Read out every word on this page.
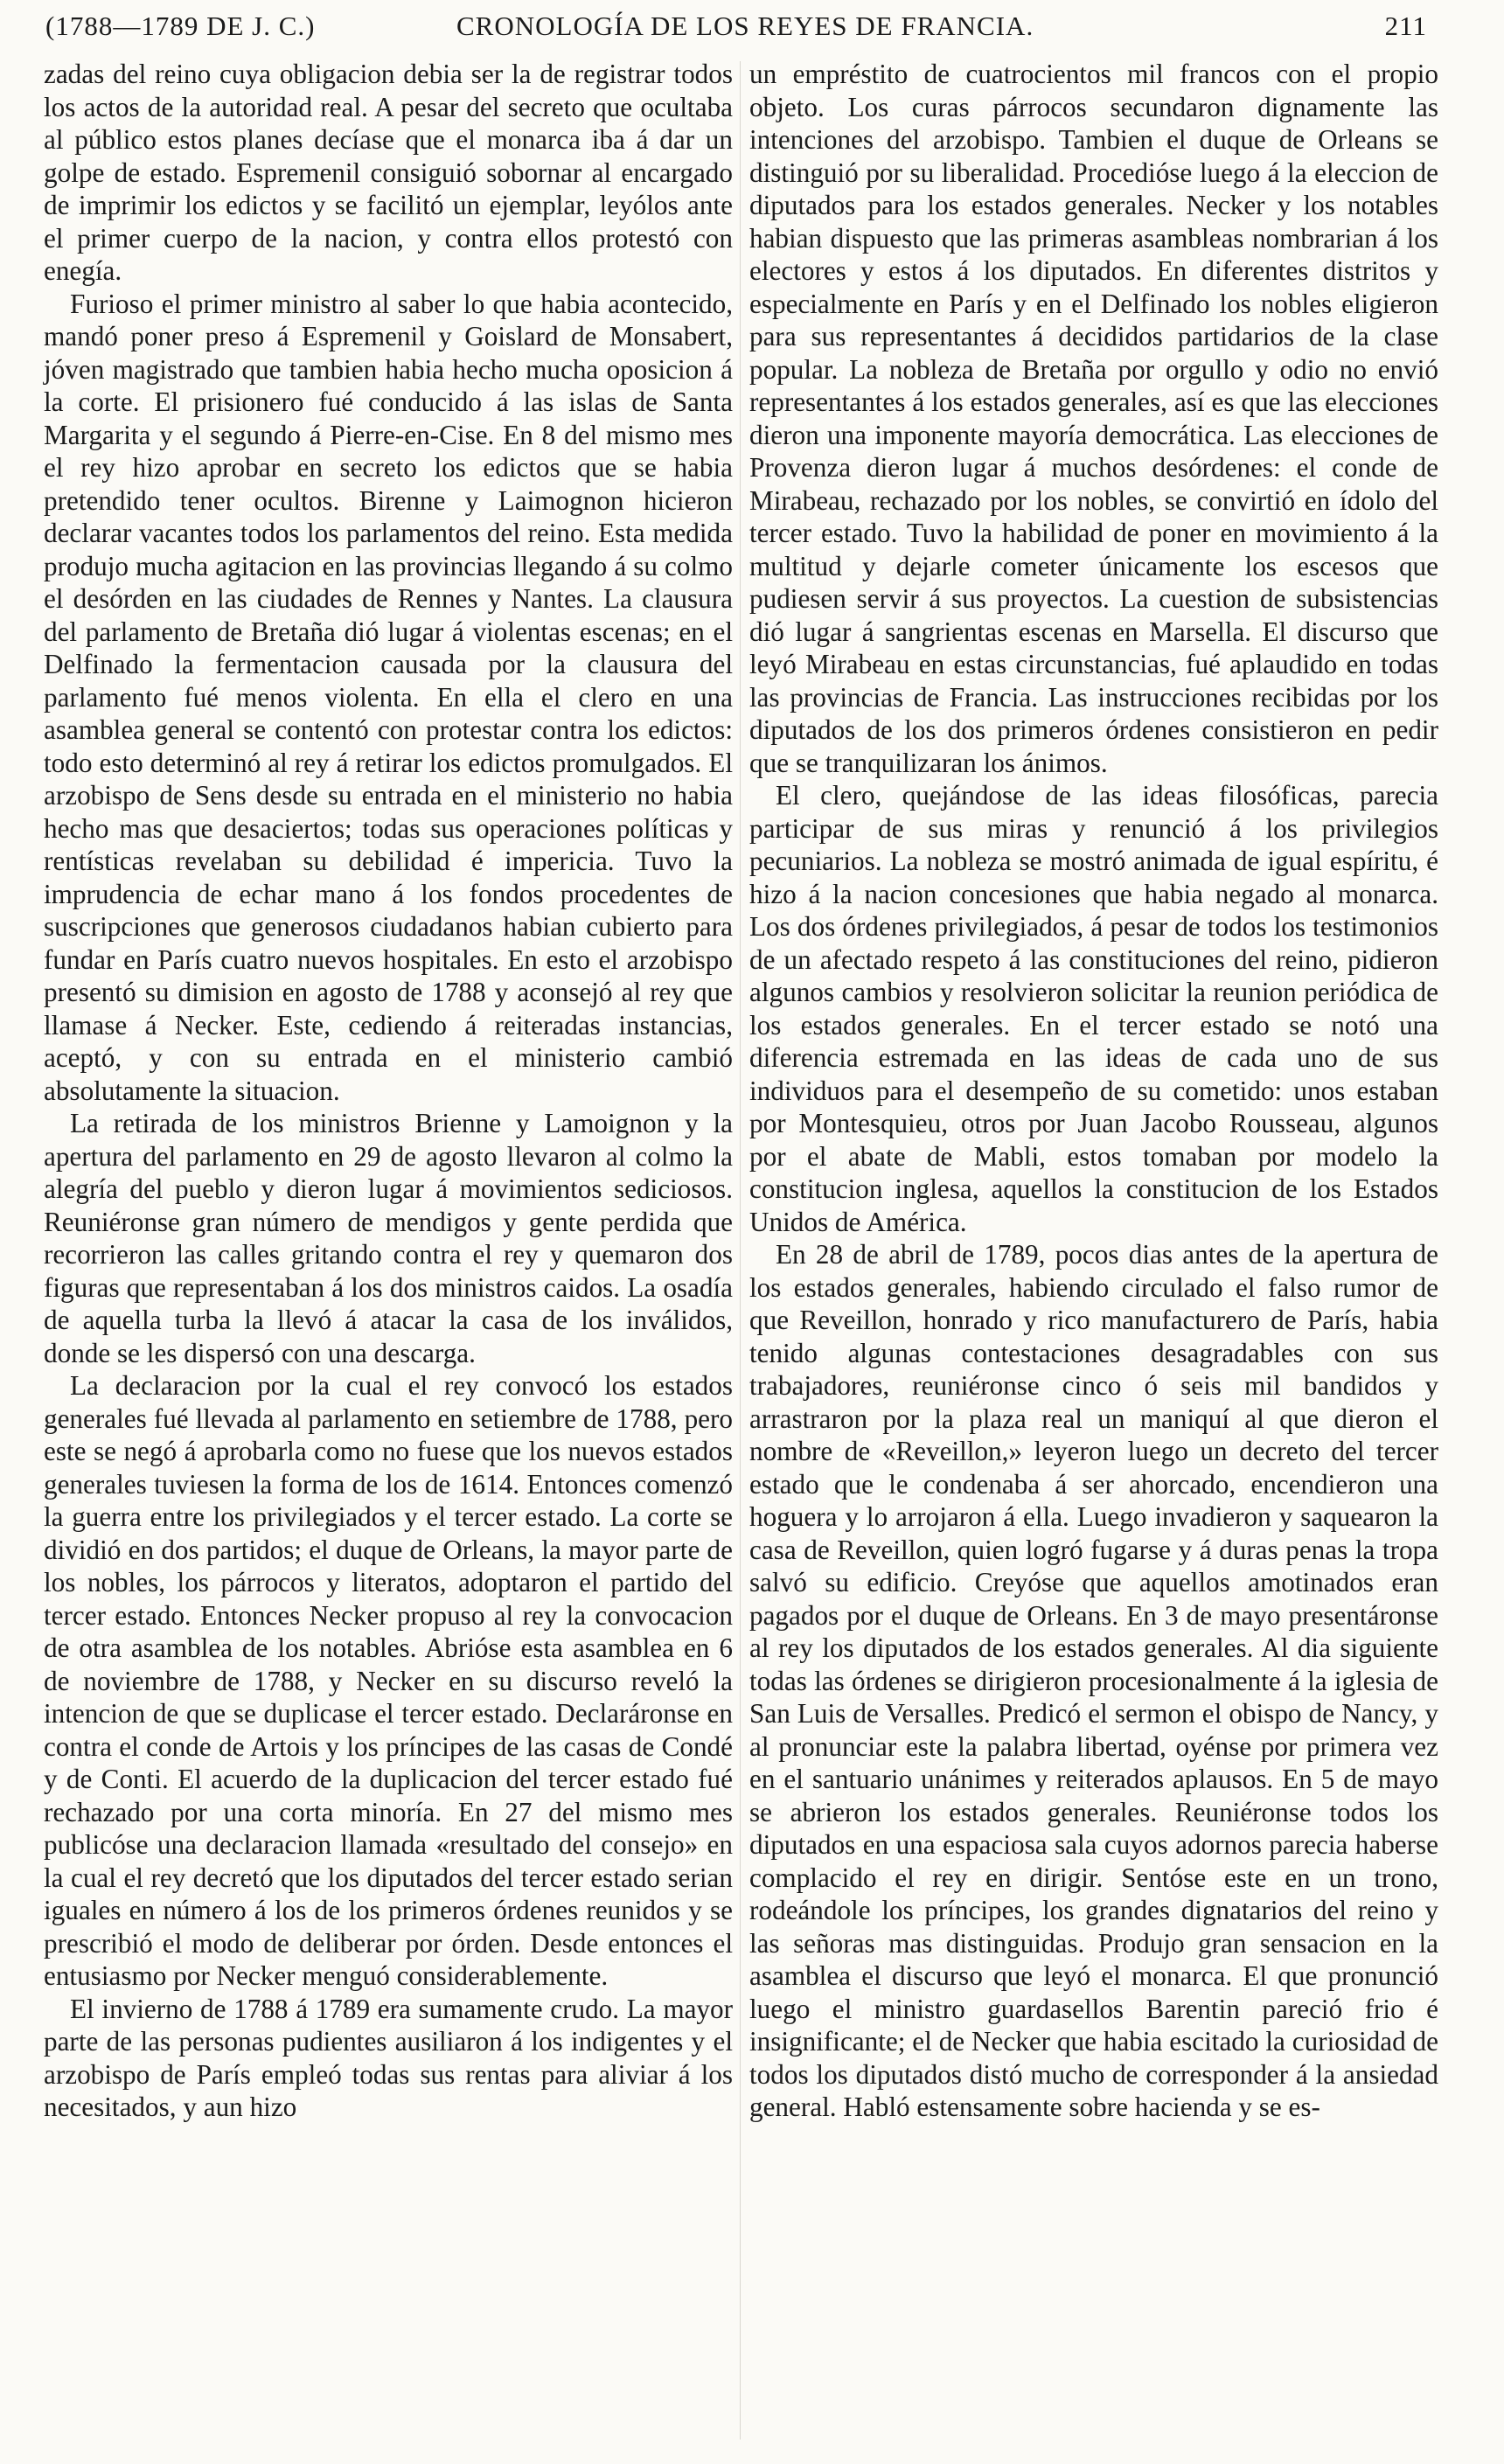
(1788—1789 DE J. C.)	CRONOLOGÍA DE LOS REYES DE FRANCIA.	211

zadas del reino cuya obligacion debia ser la de registrar todos los actos de la autoridad real. A pesar del secreto que ocultaba al público estos planes decíase que el monarca iba á dar un golpe de estado. Espremenil consiguió sobornar al encargado de imprimir los edictos y se facilitó un ejemplar, leyólos ante el primer cuerpo de la nacion, y contra ellos protestó con enegía.

Furioso el primer ministro al saber lo que habia acontecido, mandó poner preso á Espremenil y Goislard de Monsabert, jóven magistrado que tambien habia hecho mucha oposicion á la corte. El prisionero fué conducido á las islas de Santa Margarita y el segundo á Pierre-en-Cise. En 8 del mismo mes el rey hizo aprobar en secreto los edictos que se habia pretendido tener ocultos. Birenne y Laimognon hicieron declarar vacantes todos los parlamentos del reino. Esta medida produjo mucha agitacion en las provincias llegando á su colmo el desórden en las ciudades de Rennes y Nantes. La clausura del parlamento de Bretaña dió lugar á violentas escenas; en el Delfinado la fermentacion causada por la clausura del parlamento fué menos violenta. En ella el clero en una asamblea general se contentó con protestar contra los edictos: todo esto determinó al rey á retirar los edictos promulgados. El arzobispo de Sens desde su entrada en el ministerio no habia hecho mas que desaciertos; todas sus operaciones políticas y rentísticas revelaban su debilidad é impericia. Tuvo la imprudencia de echar mano á los fondos procedentes de suscripciones que generosos ciudadanos habian cubierto para fundar en París cuatro nuevos hospitales. En esto el arzobispo presentó su dimision en agosto de 1788 y aconsejó al rey que llamase á Necker. Este, cediendo á reiteradas instancias, aceptó, y con su entrada en el ministerio cambió absolutamente la situacion.

La retirada de los ministros Brienne y Lamoignon y la apertura del parlamento en 29 de agosto llevaron al colmo la alegría del pueblo y dieron lugar á movimientos sediciosos. Reuniéronse gran número de mendigos y gente perdida que recorrieron las calles gritando contra el rey y quemaron dos figuras que representaban á los dos ministros caidos. La osadía de aquella turba la llevó á atacar la casa de los inválidos, donde se les dispersó con una descarga.

La declaracion por la cual el rey convocó los estados generales fué llevada al parlamento en setiembre de 1788, pero este se negó á aprobarla como no fuese que los nuevos estados generales tuviesen la forma de los de 1614. Entonces comenzó la guerra entre los privilegiados y el tercer estado. La corte se dividió en dos partidos; el duque de Orleans, la mayor parte de los nobles, los párrocos y literatos, adoptaron el partido del tercer estado. Entonces Necker propuso al rey la convocacion de otra asamblea de los notables. Abrióse esta asamblea en 6 de noviembre de 1788, y Necker en su discurso reveló la intencion de que se duplicase el tercer estado. Declaráronse en contra el conde de Artois y los príncipes de las casas de Condé y de Conti. El acuerdo de la duplicacion del tercer estado fué rechazado por una corta minoría. En 27 del mismo mes publicóse una declaracion llamada «resultado del consejo» en la cual el rey decretó que los diputados del tercer estado serian iguales en número á los de los primeros órdenes reunidos y se prescribió el modo de deliberar por órden. Desde entonces el entusiasmo por Necker menguó considerablemente.

El invierno de 1788 á 1789 era sumamente crudo. La mayor parte de las personas pudientes ausiliaron á los indigentes y el arzobispo de París empleó todas sus rentas para aliviar á los necesitados, y aun hizo

un empréstito de cuatrocientos mil francos con el propio objeto. Los curas párrocos secundaron dignamente las intenciones del arzobispo. Tambien el duque de Orleans se distinguió por su liberalidad. Procedióse luego á la eleccion de diputados para los estados generales. Necker y los notables habian dispuesto que las primeras asambleas nombrarian á los electores y estos á los diputados. En diferentes distritos y especialmente en París y en el Delfinado los nobles eligieron para sus representantes á decididos partidarios de la clase popular. La nobleza de Bretaña por orgullo y odio no envió representantes á los estados generales, así es que las elecciones dieron una imponente mayoría democrática. Las elecciones de Provenza dieron lugar á muchos desórdenes: el conde de Mirabeau, rechazado por los nobles, se convirtió en ídolo del tercer estado. Tuvo la habilidad de poner en movimiento á la multitud y dejarle cometer únicamente los escesos que pudiesen servir á sus proyectos. La cuestion de subsistencias dió lugar á sangrientas escenas en Marsella. El discurso que leyó Mirabeau en estas circunstancias, fué aplaudido en todas las provincias de Francia. Las instrucciones recibidas por los diputados de los dos primeros órdenes consistieron en pedir que se tranquilizaran los ánimos.

El clero, quejándose de las ideas filosóficas, parecia participar de sus miras y renunció á los privilegios pecuniarios. La nobleza se mostró animada de igual espíritu, é hizo á la nacion concesiones que habia negado al monarca. Los dos órdenes privilegiados, á pesar de todos los testimonios de un afectado respeto á las constituciones del reino, pidieron algunos cambios y resolvieron solicitar la reunion periódica de los estados generales. En el tercer estado se notó una diferencia estremada en las ideas de cada uno de sus individuos para el desempeño de su cometido: unos estaban por Montesquieu, otros por Juan Jacobo Rousseau, algunos por el abate de Mabli, estos tomaban por modelo la constitucion inglesa, aquellos la constitucion de los Estados Unidos de América.

En 28 de abril de 1789, pocos dias antes de la apertura de los estados generales, habiendo circulado el falso rumor de que Reveillon, honrado y rico manufacturero de París, habia tenido algunas contestaciones desagradables con sus trabajadores, reuniéronse cinco ó seis mil bandidos y arrastraron por la plaza real un maniquí al que dieron el nombre de «Reveillon,» leyeron luego un decreto del tercer estado que le condenaba á ser ahorcado, encendieron una hoguera y lo arrojaron á ella. Luego invadieron y saquearon la casa de Reveillon, quien logró fugarse y á duras penas la tropa salvó su edificio. Creyóse que aquellos amotinados eran pagados por el duque de Orleans. En 3 de mayo presentáronse al rey los diputados de los estados generales. Al dia siguiente todas las órdenes se dirigieron procesionalmente á la iglesia de San Luis de Versalles. Predicó el sermon el obispo de Nancy, y al pronunciar este la palabra libertad, oyénse por primera vez en el santuario unánimes y reiterados aplausos. En 5 de mayo se abrieron los estados generales. Reuniéronse todos los diputados en una espaciosa sala cuyos adornos parecia haberse complacido el rey en dirigir. Sentóse este en un trono, rodeándole los príncipes, los grandes dignatarios del reino y las señoras mas distinguidas. Produjo gran sensacion en la asamblea el discurso que leyó el monarca. El que pronunció luego el ministro guardasellos Barentin pareció frio é insignificante; el de Necker que habia escitado la curiosidad de todos los diputados distó mucho de corresponder á la ansiedad general. Habló estensamente sobre hacienda y se es-
